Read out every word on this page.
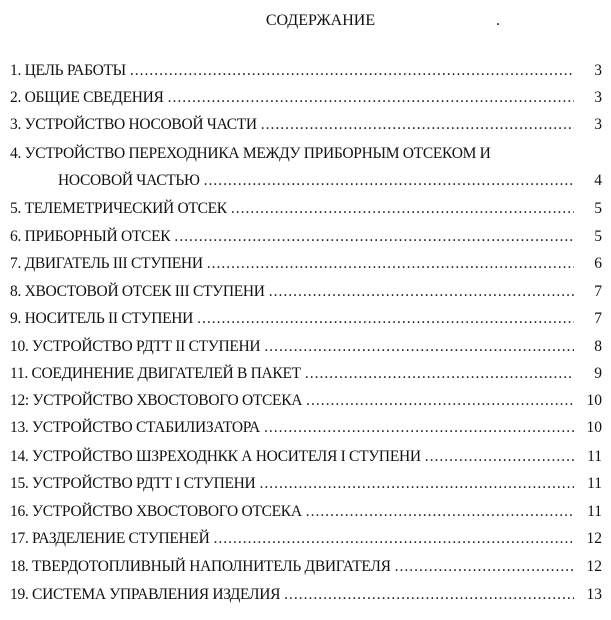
СОДЕРЖАНИЕ	.
1. ЦЕЛЬ РАБОТЫ .....	3
2. ОБЩИЕ СВЕДЕНИЯ .....	3
3. УСТРОЙСТВО НОСОВОЙ ЧАСТИ .....	3
4. УСТРОЙСТВО ПЕРЕХОДНИКА МЕЖДУ ПРИБОРНЫМ ОТСЕКОМ И
НОСОВОЙ ЧАСТЬЮ .....	4
5. ТЕЛЕМЕТРИЧЕСКИЙ ОТСЕК .....	5
6. ПРИБОРНЫЙ ОТСЕК .....	5
7. ДВИГАТЕЛЬ III СТУПЕНИ .....	6
8. ХВОСТОВОЙ ОТСЕК III СТУПЕНИ .....	7
9. НОСИТЕЛЬ II СТУПЕНИ .....	7
10. УСТРОЙСТВО РДТТ II СТУПЕНИ .....	8
11. СОЕДИНЕНИЕ ДВИГАТЕЛЕЙ В ПАКЕТ .....	9
12: УСТРОЙСТВО ХВОСТОВОГО ОТСЕКА .....	10
13. УСТРОЙСТВО СТАБИЛИЗАТОРА .....	10
14. УСТРОЙСТВО ШЗРЕХОДНКК А НОСИТЕЛЯ I СТУПЕНИ .....	11
15. УСТРОЙСТВО РДТТ I СТУПЕНИ .....	11
16. УСТРОЙСТВО ХВОСТОВОГО ОТСЕКА .....	11
17. РАЗДЕЛЕНИЕ СТУПЕНЕЙ .....	12
18. ТВЕРДОТОПЛИВНЫЙ НАПОЛНИТЕЛЬ ДВИГАТЕЛЯ .....	12
19. СИСТЕМА УПРАВЛЕНИЯ ИЗДЕЛИЯ .....	13
